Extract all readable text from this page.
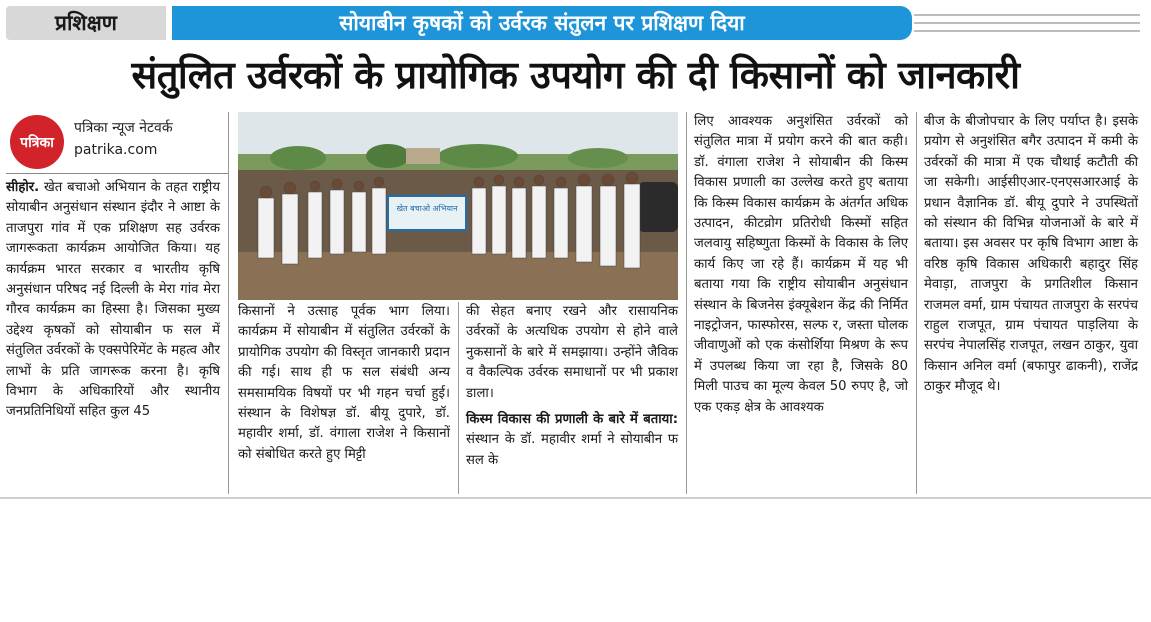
प्रशिक्षण	सोयाबीन कृषकों को उर्वरक संतुलन पर प्रशिक्षण दिया
संतुलित उर्वरकों के प्रायोगिक उपयोग की दी किसानों को जानकारी
पत्रिका
पत्रिका न्यूज नेटवर्क
patrika.com
खेत बचाओ अभियान

सीहोर. खेत बचाओ अभियान के तहत राष्ट्रीय सोयाबीन अनुसंधान संस्थान इंदौर ने आष्टा के ताजपुरा गांव में एक प्रशिक्षण सह उर्वरक जागरूकता कार्यक्रम आयोजित किया। यह कार्यक्रम भारत सरकार व भारतीय कृषि अनुसंधान परिषद नई दिल्ली के मेरा गांव मेरा गौरव कार्यक्रम का हिस्सा है। जिसका मुख्य उद्देश्य कृषकों को सोयाबीन फ सल में संतुलित उर्वरकों के एक्सपेरिमेंट के महत्व और लाभों के प्रति जागरूक करना है। कृषि विभाग के अधिकारियों और स्थानीय जनप्रतिनिधियों सहित कुल 45

किसानों ने उत्साह पूर्वक भाग लिया। कार्यक्रम में सोयाबीन में संतुलित उर्वरकों के प्रायोगिक उपयोग की विस्तृत जानकारी प्रदान की गई। साथ ही फ सल संबंधी अन्य समसामयिक विषयों पर भी गहन चर्चा हुई। संस्थान के विशेषज्ञ डॉ. बीयू दुपारे, डॉ. महावीर शर्मा, डॉ. वंगाला राजेश ने किसानों को संबोधित करते हुए मिट्टी

की सेहत बनाए रखने और रासायनिक उर्वरकों के अत्यधिक उपयोग से होने वाले नुकसानों के बारे में समझाया। उन्होंने जैविक व वैकल्पिक उर्वरक समाधानों पर भी प्रकाश डाला।

किस्म विकास की प्रणाली के बारे में बताया: संस्थान के डॉ. महावीर शर्मा ने सोयाबीन फ सल के

लिए आवश्यक अनुशंसित उर्वरकों को संतुलित मात्रा में प्रयोग करने की बात कही। डॉ. वंगाला राजेश ने सोयाबीन की किस्म विकास प्रणाली का उल्लेख करते हुए बताया कि किस्म विकास कार्यक्रम के अंतर्गत अधिक उत्पादन, कीटव्रोग प्रतिरोधी किस्मों सहित जलवायु सहिष्णुता किस्मों के विकास के लिए कार्य किए जा रहे हैं। कार्यक्रम में यह भी बताया गया कि राष्ट्रीय सोयाबीन अनुसंधान संस्थान के बिजनेस इंक्यूबेशन केंद्र की निर्मित नाइट्रोजन, फास्फोरस, सल्फ र, जस्ता घोलक जीवाणुओं को एक कंसोर्शिया मिश्रण के रूप में उपलब्ध किया जा रहा है, जिसके 80 मिली पाउच का मूल्य केवल 50 रुपए है, जो एक एकड़ क्षेत्र के आवश्यक

बीज के बीजोपचार के लिए पर्याप्त है। इसके प्रयोग से अनुशंसित बगैर उत्पादन में कमी के उर्वरकों की मात्रा में एक चौथाई कटौती की जा सकेगी। आईसीएआर-एनएसआरआई के प्रधान वैज्ञानिक डॉ. बीयू दुपारे ने उपस्थितों को संस्थान की विभिन्न योजनाओं के बारे में बताया। इस अवसर पर कृषि विभाग आष्टा के वरिष्ठ कृषि विकास अधिकारी बहादुर सिंह मेवाड़ा, ताजपुरा के प्रगतिशील किसान राजमल वर्मा, ग्राम पंचायत ताजपुरा के सरपंच राहुल राजपूत, ग्राम पंचायत पाड़लिया के सरपंच नेपालसिंह राजपूत, लखन ठाकुर, युवा किसान अनिल वर्मा (बफापुर ढाकनी), राजेंद्र ठाकुर मौजूद थे।
